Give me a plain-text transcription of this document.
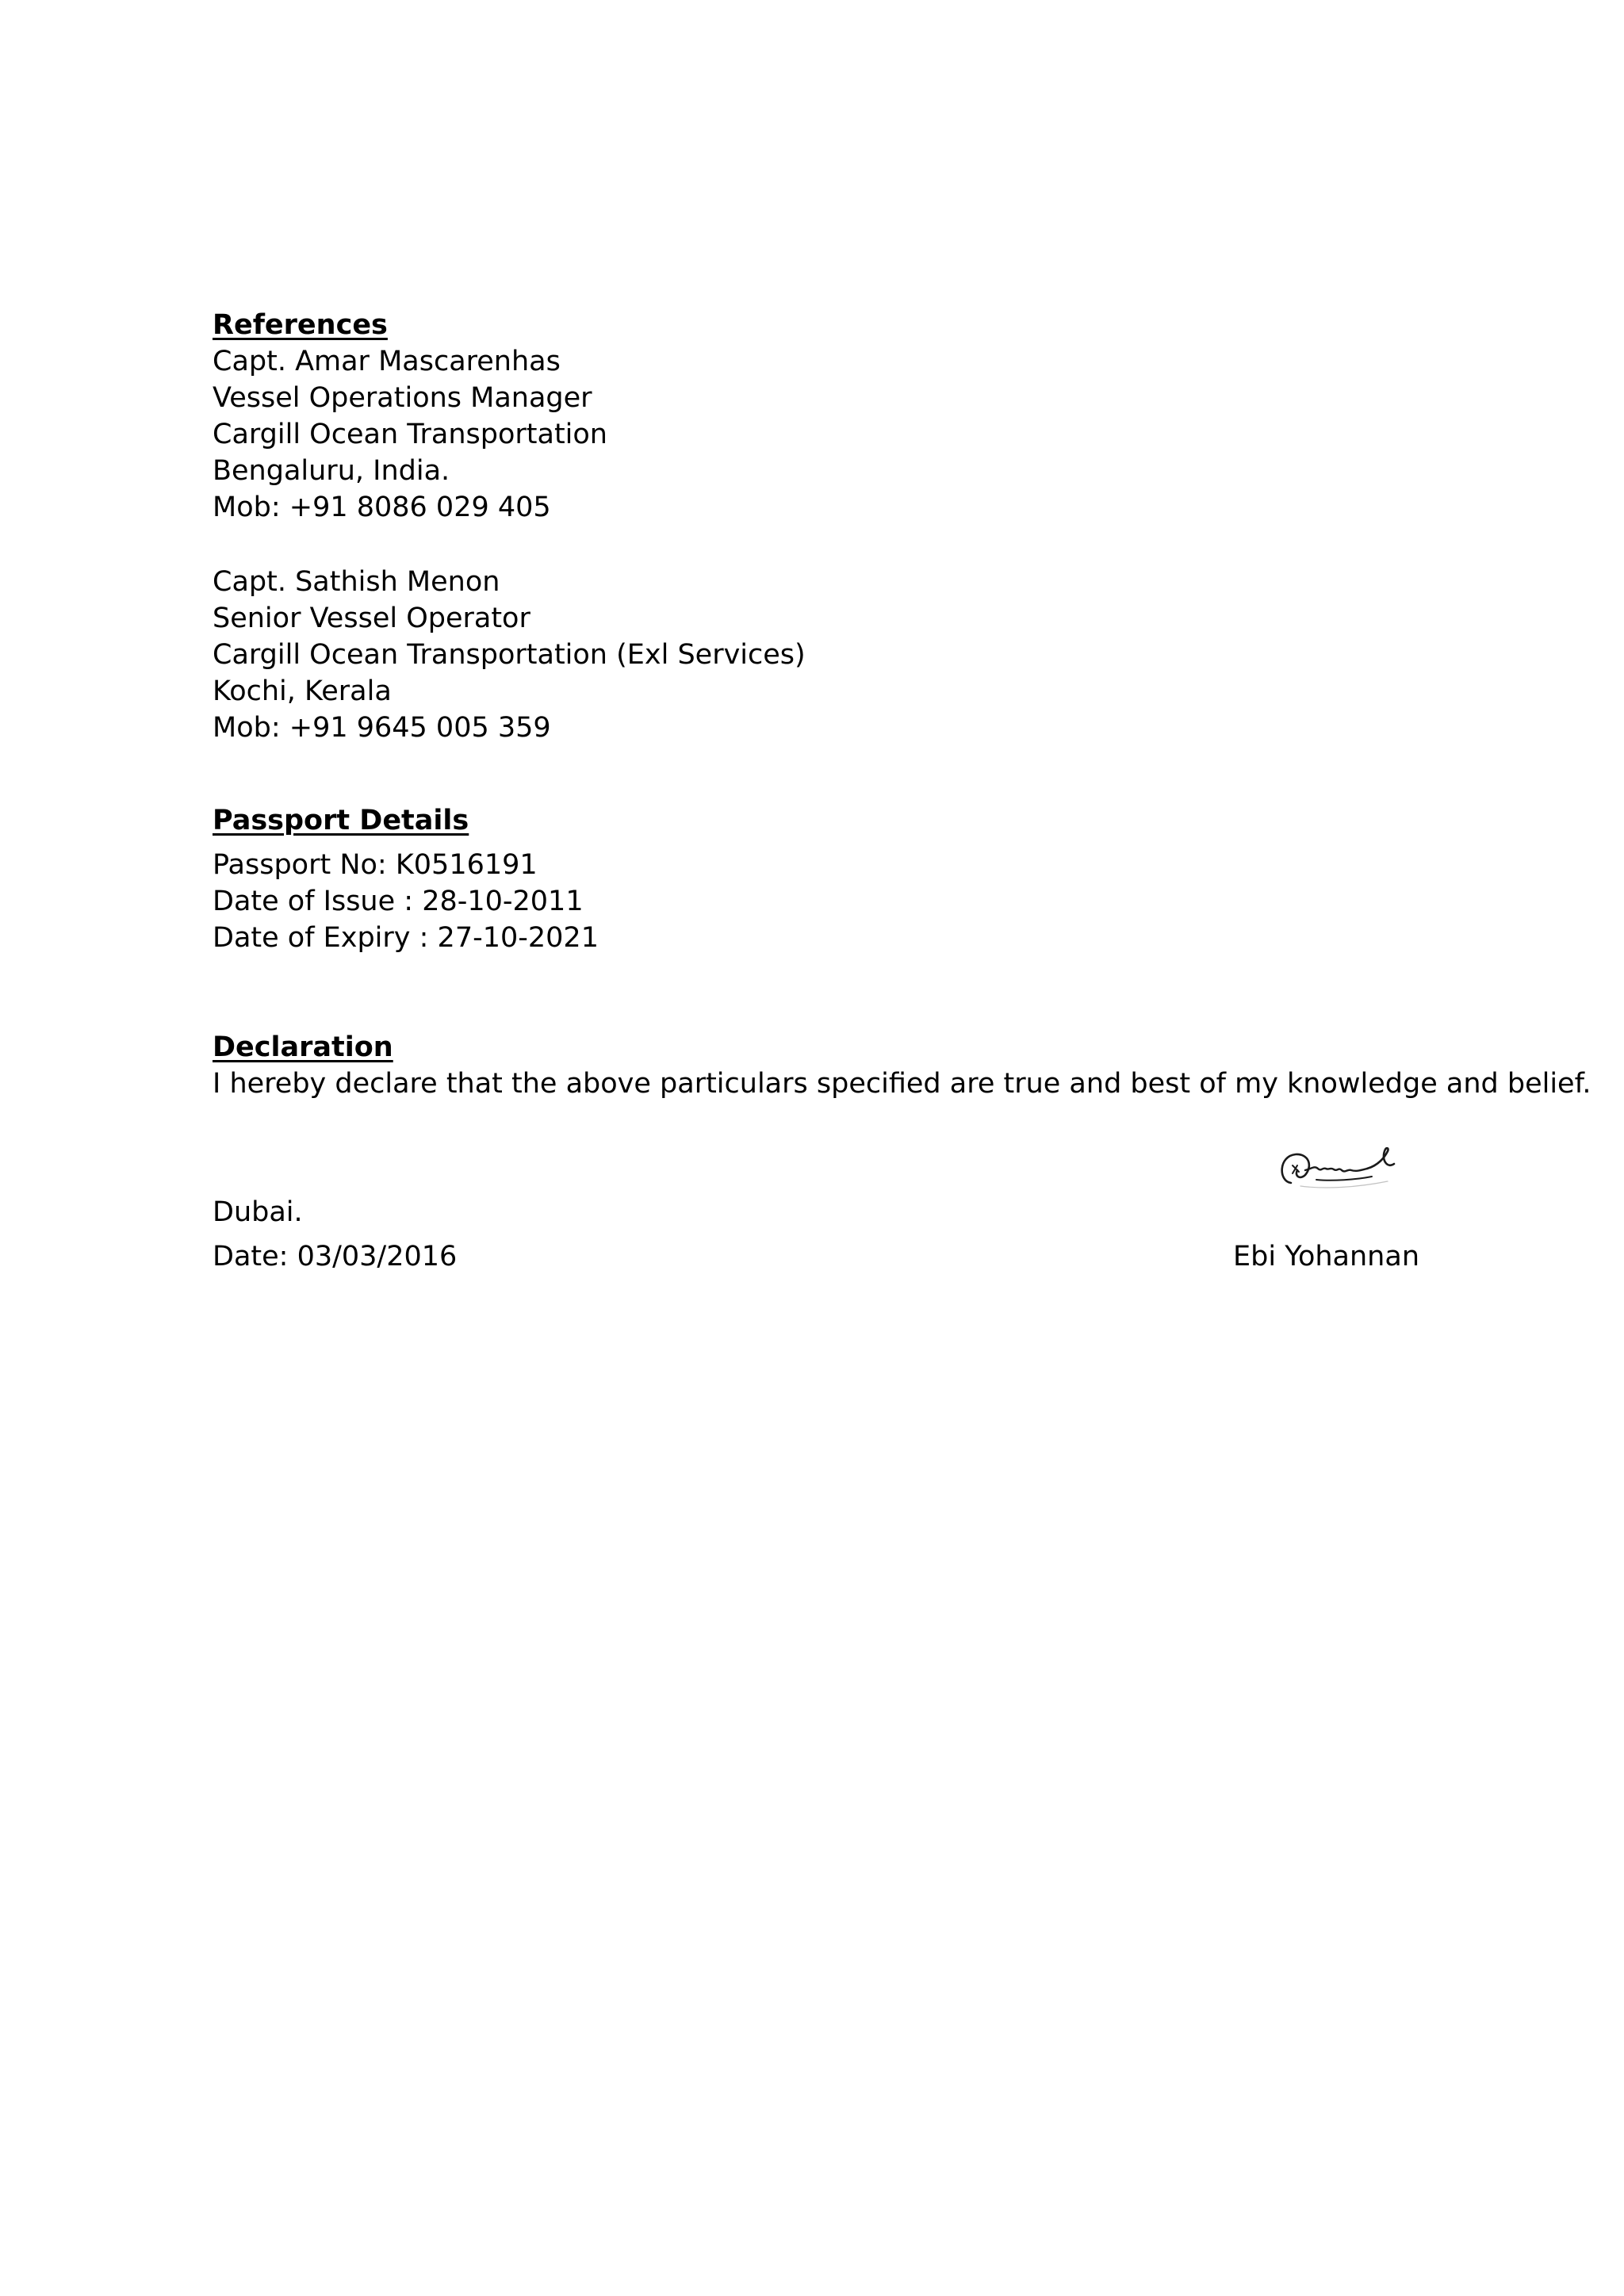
References
Capt. Amar Mascarenhas
Vessel Operations Manager
Cargill Ocean Transportation
Bengaluru, India.
Mob: +91 8086 029 405
Capt. Sathish Menon
Senior Vessel Operator
Cargill Ocean Transportation (Exl Services)
Kochi, Kerala
Mob: +91 9645 005 359
Passport Details
Passport No: K0516191
Date of Issue : 28-10-2011
Date of Expiry : 27-10-2021
Declaration
I hereby declare that the above particulars specified are true and best of my knowledge and belief.
Dubai.
Date: 03/03/2016	Ebi Yohannan
